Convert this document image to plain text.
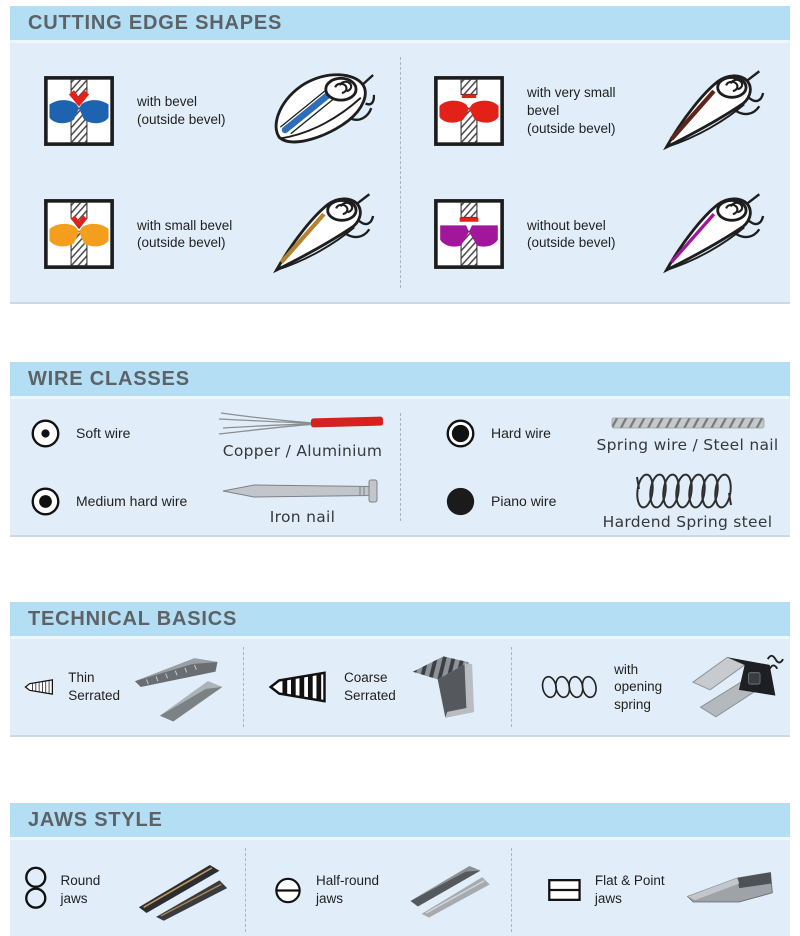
CUTTING EDGE SHAPES
with bevel
(outside bevel)
with very small bevel
(outside bevel)
with small bevel
(outside bevel)
without bevel
(outside bevel)
WIRE CLASSES
Soft wire
Copper / Aluminium
Hard wire
Spring wire / Steel nail
Medium hard wire
Iron nail
Piano wire
Hardend Spring steel
TECHNICAL BASICS
Thin
Serrated
Coarse
Serrated
with opening
spring
JAWS STYLE
Round jaws
Half-round jaws
Flat & Point jaws
